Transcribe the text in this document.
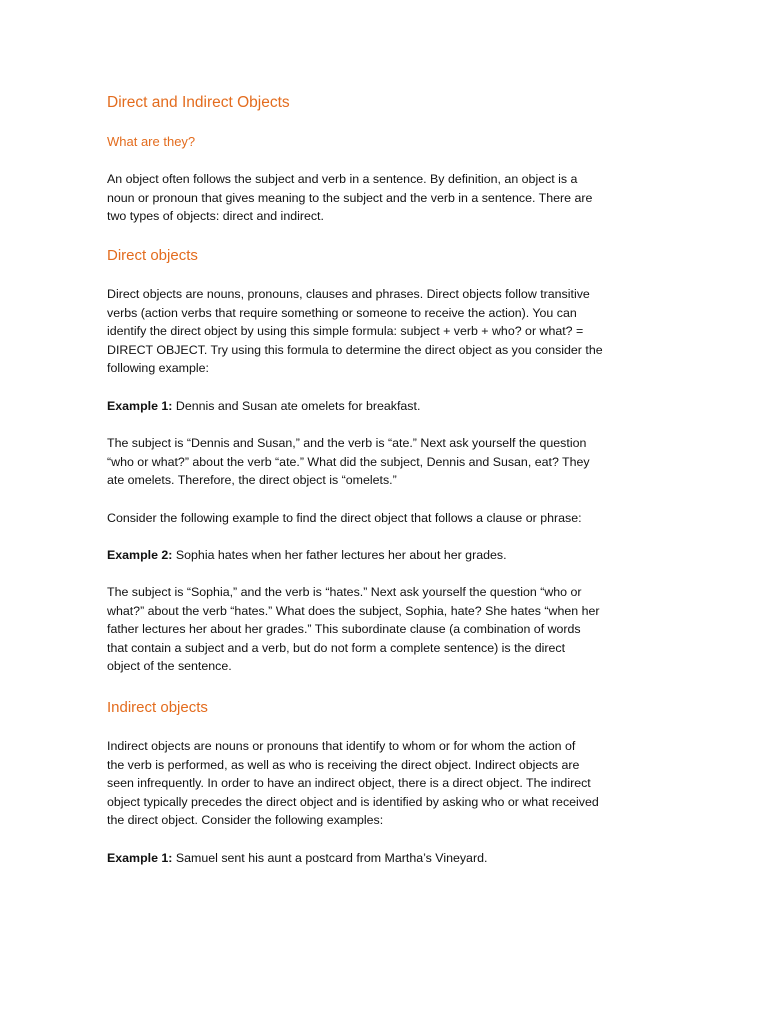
Direct and Indirect Objects
What are they?
An object often follows the subject and verb in a sentence. By definition, an object is a
noun or pronoun that gives meaning to the subject and the verb in a sentence. There are
two types of objects: direct and indirect.
Direct objects
Direct objects are nouns, pronouns, clauses and phrases. Direct objects follow transitive
verbs (action verbs that require something or someone to receive the action). You can
identify the direct object by using this simple formula: subject + verb + who? or what? =
DIRECT OBJECT. Try using this formula to determine the direct object as you consider the
following example:
Example 1: Dennis and Susan ate omelets for breakfast.
The subject is “Dennis and Susan,” and the verb is “ate.” Next ask yourself the question
“who or what?” about the verb “ate.” What did the subject, Dennis and Susan, eat? They
ate omelets. Therefore, the direct object is “omelets.”
Consider the following example to find the direct object that follows a clause or phrase:
Example 2: Sophia hates when her father lectures her about her grades.
The subject is “Sophia,” and the verb is “hates.” Next ask yourself the question “who or
what?” about the verb “hates.” What does the subject, Sophia, hate? She hates “when her
father lectures her about her grades.” This subordinate clause (a combination of words
that contain a subject and a verb, but do not form a complete sentence) is the direct
object of the sentence.
Indirect objects
Indirect objects are nouns or pronouns that identify to whom or for whom the action of
the verb is performed, as well as who is receiving the direct object. Indirect objects are
seen infrequently. In order to have an indirect object, there is a direct object. The indirect
object typically precedes the direct object and is identified by asking who or what received
the direct object. Consider the following examples:
Example 1: Samuel sent his aunt a postcard from Martha’s Vineyard.
